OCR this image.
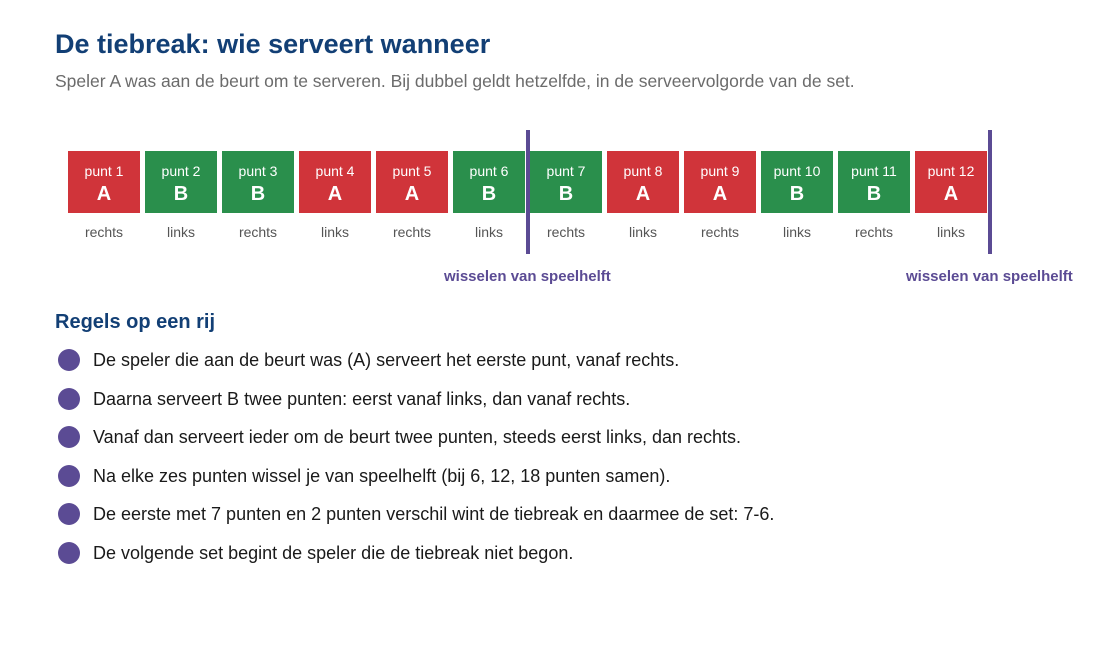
De tiebreak: wie serveert wanneer

Speler A was aan de beurt om te serveren. Bij dubbel geldt hetzelfde, in de serveervolgorde van de set.

punt 1
A
rechts
punt 2
B
links
punt 3
B
rechts
punt 4
A
links
punt 5
A
rechts
punt 6
B
links
punt 7
B
rechts
punt 8
A
links
punt 9
A
rechts
punt 10
B
links
punt 11
B
rechts
punt 12
A
links
wisselen van speelhelft	wisselen van speelhelft
Regels op een rij
De speler die aan de beurt was (A) serveert het eerste punt, vanaf rechts.
Daarna serveert B twee punten: eerst vanaf links, dan vanaf rechts.
Vanaf dan serveert ieder om de beurt twee punten, steeds eerst links, dan rechts.
Na elke zes punten wissel je van speelhelft (bij 6, 12, 18 punten samen).
De eerste met 7 punten en 2 punten verschil wint de tiebreak en daarmee de set: 7-6.
De volgende set begint de speler die de tiebreak niet begon.
